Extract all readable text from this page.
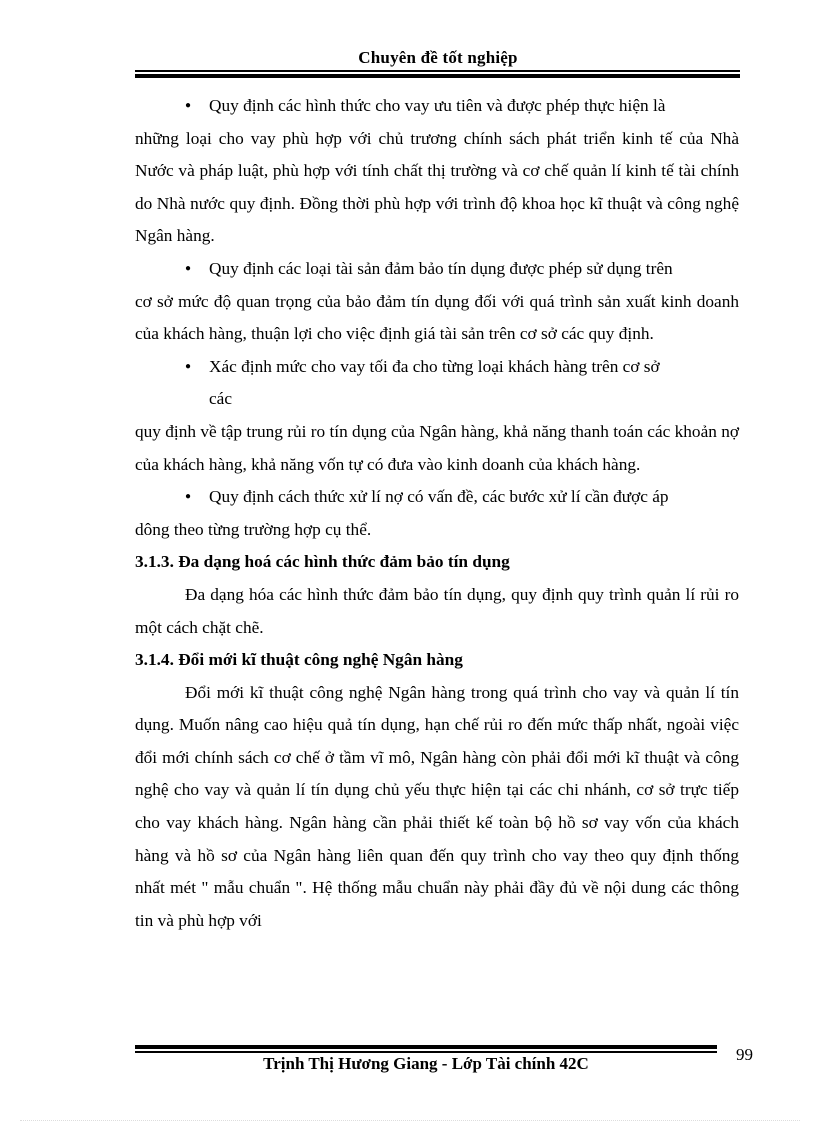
Chuyên đề tốt nghiệp

● Quy định các hình thức cho vay ưu tiên và được phép thực hiện là

những loại cho vay phù hợp với chủ trương chính sách phát triển kinh tế của Nhà Nước và pháp luật, phù hợp với tính chất thị trường và cơ chế quản lí kinh tế tài chính do Nhà nước quy định. Đồng thời phù hợp với trình độ khoa học kĩ thuật và công nghệ Ngân hàng.

● Quy định các loại tài sản đảm bảo tín dụng được phép sử dụng trên

cơ sở mức độ quan trọng của bảo đảm tín dụng đối với quá trình sản xuất kinh doanh của khách hàng, thuận lợi cho việc định giá tài sản trên cơ sở các quy định.

● Xác định mức cho vay tối đa cho từng loại khách hàng trên cơ sở

các

quy định về tập trung rủi ro tín dụng của Ngân hàng, khả năng thanh toán các khoản nợ của khách hàng, khả năng vốn tự có đưa vào kinh doanh của khách hàng.

● Quy định cách thức xử lí nợ có vấn đề, các bước xử lí cần được áp

dông theo từng trường hợp cụ thể.

3.1.3. Đa dạng hoá các hình thức đảm bảo tín dụng

Đa dạng hóa các hình thức đảm bảo tín dụng, quy định quy trình quản lí rủi ro một cách chặt chẽ.

3.1.4. Đổi mới kĩ thuật công nghệ Ngân hàng

Đổi mới kĩ thuật công nghệ Ngân hàng trong quá trình cho vay và quản lí tín dụng. Muốn nâng cao hiệu quả tín dụng, hạn chế rủi ro đến mức thấp nhất, ngoài việc đổi mới chính sách cơ chế ở tầm vĩ mô, Ngân hàng còn phải đổi mới kĩ thuật và công nghệ cho vay và quản lí tín dụng chủ yếu thực hiện tại các chi nhánh, cơ sở trực tiếp cho vay khách hàng. Ngân hàng cần phải thiết kế toàn bộ hồ sơ vay vốn của khách hàng và hồ sơ của Ngân hàng liên quan đến quy trình cho vay theo quy định thống nhất mét " mẫu chuẩn ". Hệ thống mẫu chuẩn này phải đầy đủ về nội dung các thông tin và phù hợp với

99
Trịnh Thị Hương Giang - Lớp Tài chính 42C
